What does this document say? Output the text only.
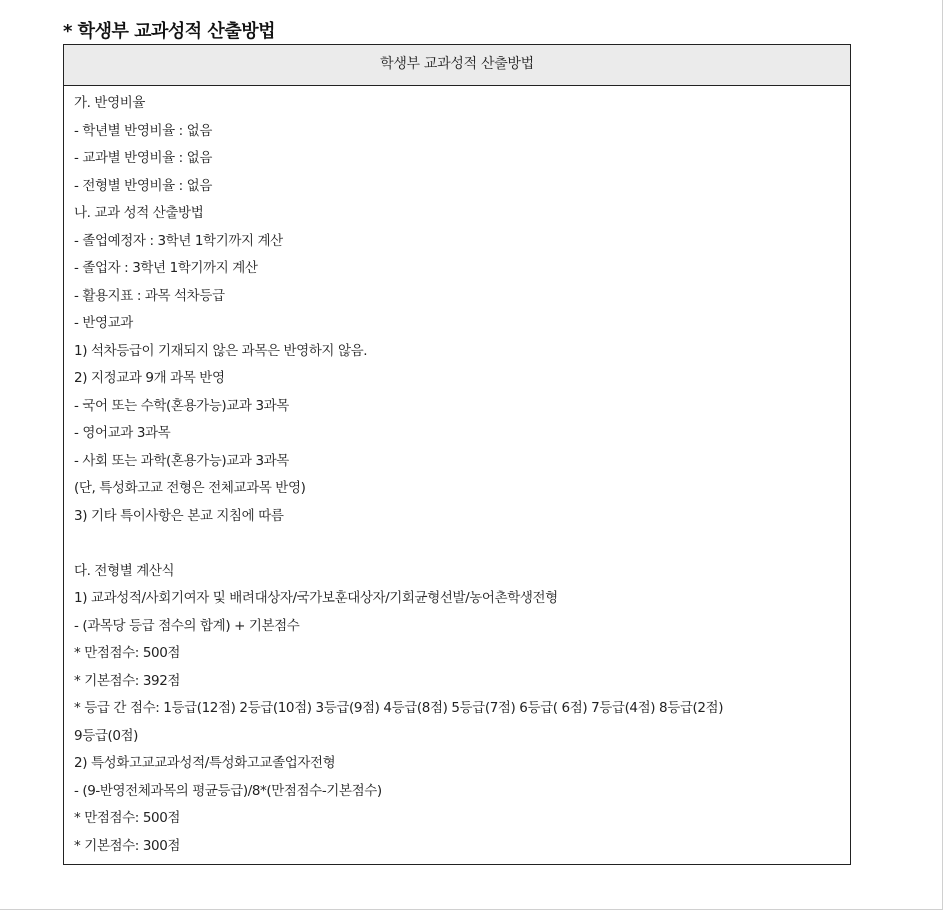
* 학생부 교과성적 산출방법
학생부 교과성적 산출방법
가. 반영비율
- 학년별 반영비율 : 없음
- 교과별 반영비율 : 없음
- 전형별 반영비율 : 없음
나. 교과 성적 산출방법
- 졸업예정자 : 3학년 1학기까지 계산
- 졸업자 : 3학년 1학기까지 계산
- 활용지표 : 과목 석차등급
- 반영교과
1) 석차등급이 기재되지 않은 과목은 반영하지 않음.
2) 지정교과 9개 과목 반영
- 국어 또는 수학(혼용가능)교과 3과목
- 영어교과 3과목
- 사회 또는 과학(혼용가능)교과 3과목
(단, 특성화고교 전형은 전체교과목 반영)
3) 기타 특이사항은 본교 지침에 따름
다. 전형별 계산식
1) 교과성적/사회기여자 및 배려대상자/국가보훈대상자/기회균형선발/농어촌학생전형
- (과목당 등급 점수의 합계) + 기본점수
* 만점점수: 500점
* 기본점수: 392점
* 등급 간 점수: 1등급(12점) 2등급(10점) 3등급(9점) 4등급(8점) 5등급(7점) 6등급( 6점) 7등급(4점) 8등급(2점)
9등급(0점)
2) 특성화고교교과성적/특성화고교졸업자전형
- (9-반영전체과목의 평균등급)/8*(만점점수-기본점수)
* 만점점수: 500점
* 기본점수: 300점
